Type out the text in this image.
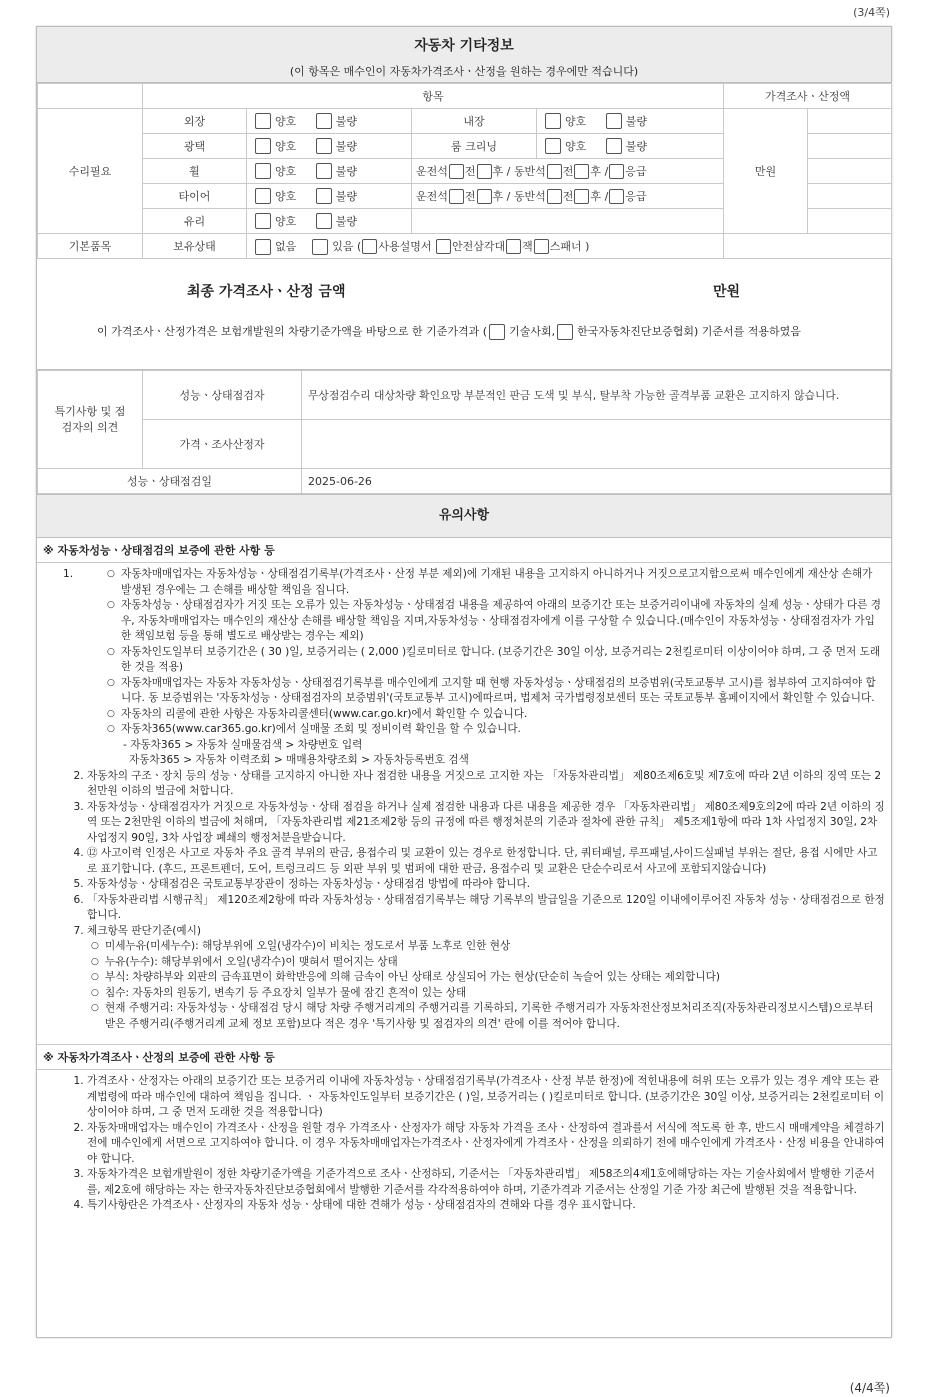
(3/4쪽)
자동차 기타정보
(이 항목은 매수인이 자동차가격조사ㆍ산정을 원하는 경우에만 적습니다)
	항목				가격조사ㆍ산정액	
수리필요	외장	양호 불량	내장	양호 불량	만원	
	광택	양호 불량	룸 크리닝	양호 불량		
	휠	양호 불량	운전석 전 후 / 동반석 전 후 / 응급			
	타이어	양호 불량	운전석 전 후 / 동반석 전 후 / 응급			
	유리	양호 불량				
기본품목	보유상태	없음 있음 ( 사용설명서 안전삼각대 잭 스패너 )				
최종 가격조사ㆍ산정 금액	만원
이 가격조사ㆍ산정가격은 보험개발원의 차량기준가액을 바탕으로 한 기준가격과 ( 기술사회, 한국자동차진단보증협회) 기준서를 적용하였음
특기사항 및 점검자의 의견	성능ㆍ상태점검자	무상점검수리 대상차량 확인요망 부분적인 판금 도색 및 부식, 탈부착 가능한 골격부품 교환은 고지하지 않습니다.
	가격ㆍ조사산정자	
성능ㆍ상태점검일		2025-06-26
유의사항
※ 자동차성능ㆍ상태점검의 보증에 관한 사항 등
1.	○ 자동차매매업자는 자동차성능ㆍ상태점검기록부(가격조사ㆍ산정 부분 제외)에 기재된 내용을 고지하지 아니하거나 거짓으로고지함으로써 매수인에게 재산상 손해가 발생된 경우에는 그 손해를 배상할 책임을 집니다.
○ 자동차성능ㆍ상태점검자가 거짓 또는 오류가 있는 자동차성능ㆍ상태점검 내용을 제공하여 아래의 보증기간 또는 보증거리이내에 자동차의 실제 성능ㆍ상태가 다른 경우, 자동차매매업자는 매수인의 재산상 손해를 배상할 책임을 지며,자동차성능ㆍ상태점검자에게 이를 구상할 수 있습니다.(매수인이 자동차성능ㆍ상태점검자가 가입한 책임보험 등을 통해 별도로 배상받는 경우는 제외)
○ 자동차인도일부터 보증기간은 ( 30 )일, 보증거리는 ( 2,000 )킬로미터로 합니다. (보증기간은 30일 이상, 보증거리는 2천킬로미터 이상이어야 하며, 그 중 먼저 도래한 것을 적용)
○ 자동차매매업자는 자동차 자동차성능ㆍ상태점검기록부를 매수인에게 고지할 때 현행 자동차성능ㆍ상태점검의 보증범위(국토교통부 고시)를 첨부하여 고지하여야 합니다. 동 보증범위는 '자동차성능ㆍ상태점검자의 보증범위'(국토교통부 고시)에따르며, 법제처 국가법령정보센터 또는 국토교통부 홈페이지에서 확인할 수 있습니다.
○ 자동차의 리콜에 관한 사항은 자동차리콜센터(www.car.go.kr)에서 확인할 수 있습니다.
○ 자동차365(www.car365.go.kr)에서 실매물 조회 및 정비이력 확인을 할 수 있습니다.
- 자동차365 > 자동차 실매물검색 > 차량번호 입력
자동차365 > 자동차 이력조회 > 매매용차량조회 > 자동차등록번호 검색
2. 자동차의 구조ㆍ장치 등의 성능ㆍ상태를 고지하지 아니한 자나 점검한 내용을 거짓으로 고지한 자는 「자동차관리법」 제80조제6호및 제7호에 따라 2년 이하의 징역 또는 2천만원 이하의 벌금에 처합니다.
3. 자동차성능ㆍ상태점검자가 거짓으로 자동차성능ㆍ상태 점검을 하거나 실제 점검한 내용과 다른 내용을 제공한 경우 「자동차관리법」 제80조제9호의2에 따라 2년 이하의 징역 또는 2천만원 이하의 벌금에 처해며, 「자동차관리법 제21조제2항 등의 규정에 따른 행정처분의 기준과 절차에 관한 규칙」 제5조제1항에 따라 1차 사업정지 30일, 2차 사업정지 90일, 3차 사업장 폐쇄의 행정처분을받습니다.
4. ⑫ 사고이력 인정은 사고로 자동차 주요 골격 부위의 판금, 용접수리 및 교환이 있는 경우로 한정합니다. 단, 쿼터패널, 루프패널,사이드실패널 부위는 절단, 용접 시에만 사고로 표기합니다. (후드, 프론트펜더, 도어, 트렁크리드 등 외판 부위 및 범퍼에 대한 판금, 용접수리 및 교환은 단순수리로서 사고에 포함되지않습니다)
5. 자동차성능ㆍ상태점검은 국토교통부장관이 정하는 자동차성능ㆍ상태점검 방법에 따라야 합니다.
6. 「자동차관리법 시행규칙」 제120조제2항에 따라 자동차성능ㆍ상태점검기록부는 해당 기록부의 발급일을 기준으로 120일 이내에이루어진 자동차 성능ㆍ상태점검으로 한정합니다.
7. 체크항목 판단기준(예시)
○ 미세누유(미세누수): 해당부위에 오일(냉각수)이 비치는 정도로서 부품 노후로 인한 현상
○ 누유(누수): 해당부위에서 오일(냉각수)이 맺혀서 떨어지는 상태
○ 부식: 차량하부와 외판의 금속표면이 화학반응에 의해 금속이 아닌 상태로 상실되어 가는 현상(단순히 녹슬어 있는 상태는 제외합니다)
○ 침수: 자동차의 원동기, 변속기 등 주요장치 일부가 물에 잠긴 흔적이 있는 상태
○ 현재 주행거리: 자동차성능ㆍ상태점검 당시 해당 차량 주행거리계의 주행거리를 기록하되, 기록한 주행거리가 자동차전산정보처리조직(자동차관리정보시스템)으로부터 받은 주행거리(주행거리계 교체 정보 포함)보다 적은 경우 '특기사항 및 점검자의 의견' 란에 이를 적어야 합니다.
※ 자동차가격조사ㆍ산정의 보증에 관한 사항 등
1. 가격조사ㆍ산정자는 아래의 보증기간 또는 보증거리 이내에 자동차성능ㆍ상태점검기록부(가격조사ㆍ산정 부분 한정)에 적힌내용에 허위 또는 오류가 있는 경우 계약 또는 관계법령에 따라 매수인에 대하여 책임을 집니다. ㆍ 자동차인도일부터 보증기간은 ( )일, 보증거리는 ( )킬로미터로 합니다. (보증기간은 30일 이상, 보증거리는 2천킬로미터 이상이어야 하며, 그 중 먼저 도래한 것을 적용합니다)
2. 자동차매매업자는 매수인이 가격조사ㆍ산정을 원할 경우 가격조사ㆍ산정자가 해당 자동차 가격을 조사ㆍ산정하여 결과를서 서식에 적도록 한 후, 반드시 매매계약을 체결하기 전에 매수인에게 서면으로 고지하여야 합니다. 이 경우 자동차매매업자는가격조사ㆍ산정자에게 가격조사ㆍ산정을 의뢰하기 전에 매수인에게 가격조사ㆍ산정 비용을 안내하여야 합니다.
3. 자동차가격은 보험개발원이 정한 차량기준가액을 기준가격으로 조사ㆍ산정하되, 기준서는 「자동차관리법」 제58조의4제1호에해당하는 자는 기술사회에서 발행한 기준서를, 제2호에 해당하는 자는 한국자동차진단보증협회에서 발행한 기준서를 각각적용하여야 하며, 기준가격과 기준서는 산정일 기준 가장 최근에 발행된 것을 적용합니다.
4. 특기사항란은 가격조사ㆍ산정자의 자동차 성능ㆍ상태에 대한 견해가 성능ㆍ상태점검자의 견해와 다를 경우 표시합니다.
(4/4쪽)
